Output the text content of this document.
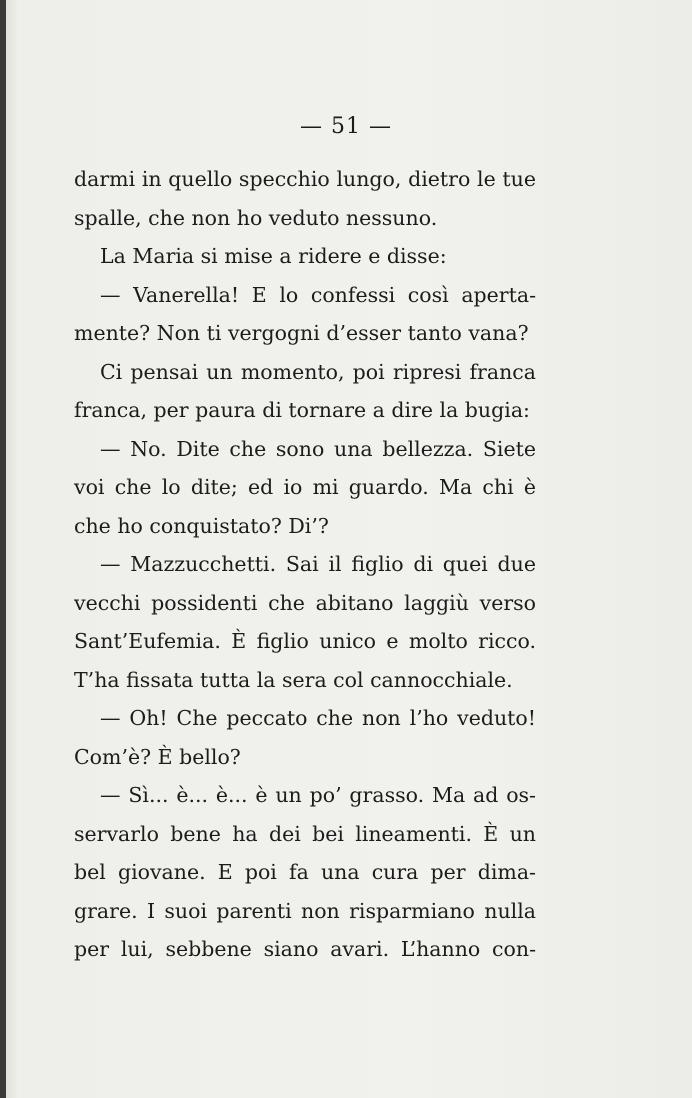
— 51 —
darmi in quello specchio lungo, dietro le tue
spalle, che non ho veduto nessuno.
La Maria si mise a ridere e disse:
— Vanerella! E lo confessi così aperta-
mente? Non ti vergogni d’esser tanto vana?
Ci pensai un momento, poi ripresi franca
franca, per paura di tornare a dire la bugia:
— No. Dite che sono una bellezza. Siete
voi che lo dite; ed io mi guardo. Ma chi è
che ho conquistato? Di’?
— Mazzucchetti. Sai il figlio di quei due
vecchi possidenti che abitano laggiù verso
Sant’Eufemia. È figlio unico e molto ricco.
T’ha fissata tutta la sera col cannocchiale.
— Oh! Che peccato che non l’ho veduto!
Com’è? È bello?
— Sì... è... è... è un po’ grasso. Ma ad os-
servarlo bene ha dei bei lineamenti. È un
bel giovane. E poi fa una cura per dima-
grare. I suoi parenti non risparmiano nulla
per lui, sebbene siano avari. L’hanno con-
